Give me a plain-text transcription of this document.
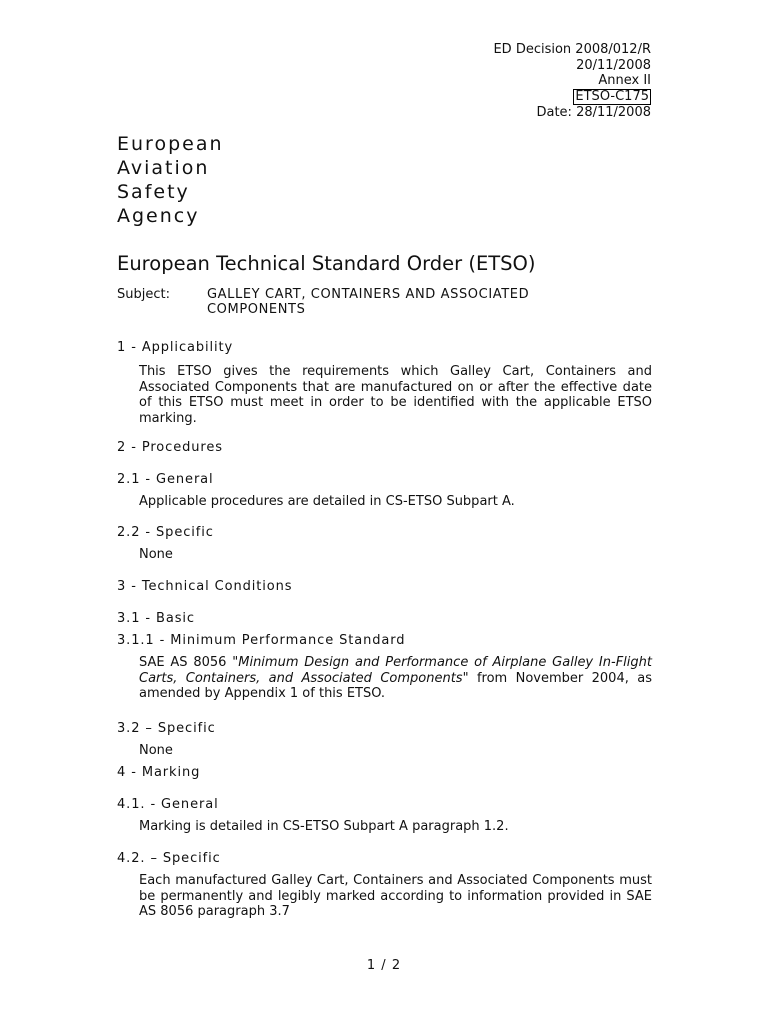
ED Decision 2008/012/R
20/11/2008
Annex II
ETSO-C175
Date: 28/11/2008
European
Aviation
Safety
Agency
European Technical Standard Order (ETSO)
Subject:	GALLEY CART, CONTAINERS AND ASSOCIATED
COMPONENTS
1 - Applicability
This ETSO gives the requirements which Galley Cart, Containers and
Associated Components that are manufactured on or after the effective date
of this ETSO must meet in order to be identified with the applicable ETSO
marking.
2 - Procedures
2.1 - General
Applicable procedures are detailed in CS-ETSO Subpart A.
2.2 - Specific
None
3 - Technical Conditions
3.1 - Basic
3.1.1 - Minimum Performance Standard
SAE AS 8056 "Minimum Design and Performance of Airplane Galley In-Flight
Carts, Containers, and Associated Components" from November 2004, as
amended by Appendix 1 of this ETSO.
3.2 – Specific
None
4 - Marking
4.1. - General
Marking is detailed in CS-ETSO Subpart A paragraph 1.2.
4.2. – Specific
Each manufactured Galley Cart, Containers and Associated Components must
be permanently and legibly marked according to information provided in SAE
AS 8056 paragraph 3.7
1 / 2
